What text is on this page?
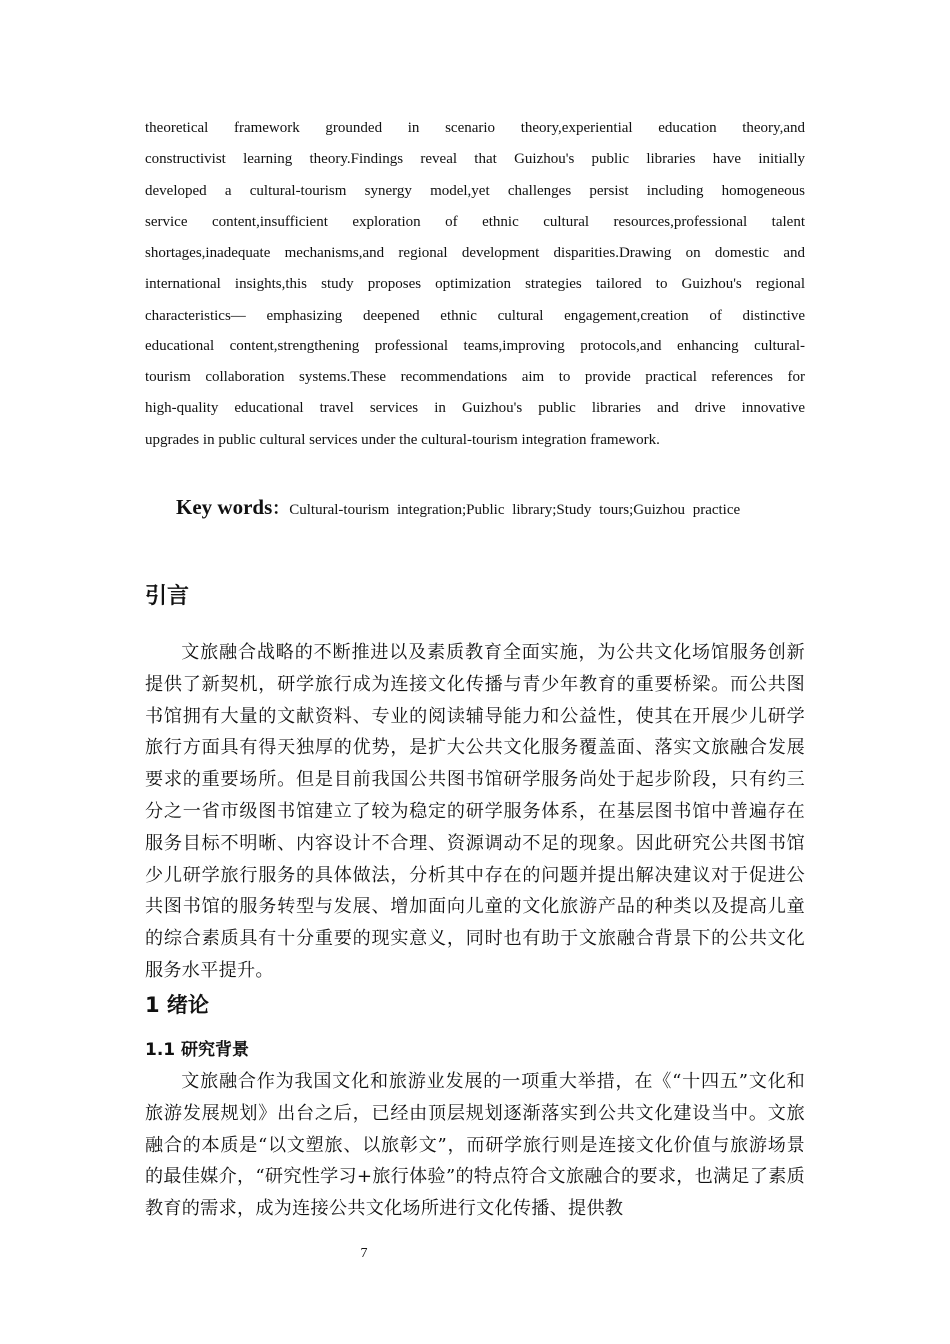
theoretical framework grounded in scenario theory,experiential education theory,and
constructivist learning theory.Findings reveal that Guizhou's public libraries have initially
developed a cultural-tourism synergy model,yet challenges persist including homogeneous
service content,insufficient exploration of ethnic cultural resources,professional talent
shortages,inadequate mechanisms,and regional development disparities.Drawing on domestic and
international insights,this study proposes optimization strategies tailored to Guizhou's regional
characteristics— emphasizing deepened ethnic cultural engagement,creation of distinctive
educational content,strengthening professional teams,improving protocols,and enhancing cultural-
tourism collaboration systems.These recommendations aim to provide practical references for
high-quality educational travel services in Guizhou's public libraries and drive innovative
upgrades in public cultural services under the cultural-tourism integration framework.
Key words：Cultural-tourism integration;Public library;Study tours;Guizhou practice
引言

文旅融合战略的不断推进以及素质教育全面实施，为公共文化场馆服务创新提供了新契机，研学旅行成为连接文化传播与青少年教育的重要桥梁。而公共图书馆拥有大量的文献资料、专业的阅读辅导能力和公益性，使其在开展少儿研学旅行方面具有得天独厚的优势，是扩大公共文化服务覆盖面、落实文旅融合发展要求的重要场所。但是目前我国公共图书馆研学服务尚处于起步阶段，只有约三分之一省市级图书馆建立了较为稳定的研学服务体系，在基层图书馆中普遍存在服务目标不明晰、内容设计不合理、资源调动不足的现象。因此研究公共图书馆少儿研学旅行服务的具体做法，分析其中存在的问题并提出解决建议对于促进公共图书馆的服务转型与发展、增加面向儿童的文化旅游产品的种类以及提高儿童的综合素质具有十分重要的现实意义，同时也有助于文旅融合背景下的公共文化服务水平提升。

1 绪论
1.1 研究背景

文旅融合作为我国文化和旅游业发展的一项重大举措，在《“十四五”文化和旅游发展规划》出台之后，已经由顶层规划逐渐落实到公共文化建设当中。文旅融合的本质是“以文塑旅、以旅彰文”，而研学旅行则是连接文化价值与旅游场景的最佳媒介，“研究性学习+旅行体验”的特点符合文旅融合的要求，也满足了素质教育的需求，成为连接公共文化场所进行文化传播、提供教

7
